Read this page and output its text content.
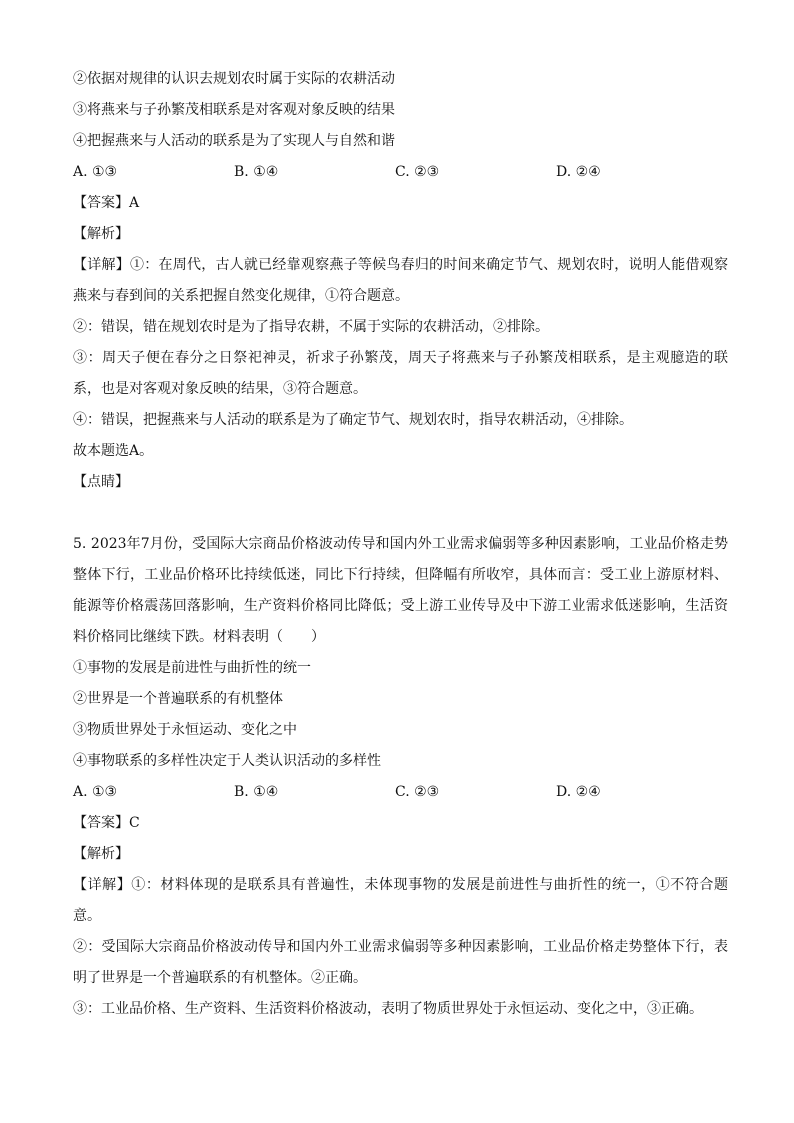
②依据对规律的认识去规划农时属于实际的农耕活动
③将燕来与子孙繁茂相联系是对客观对象反映的结果
④把握燕来与人活动的联系是为了实现人与自然和谐
A. ①③	B. ①④	C. ②③	D. ②④
【答案】A
【解析】
【详解】①：在周代，古人就已经靠观察燕子等候鸟春归的时间来确定节气、规划农时，说明人能借观察燕来与春到间的关系把握自然变化规律，①符合题意。
②：错误，错在规划农时是为了指导农耕，不属于实际的农耕活动，②排除。
③：周天子便在春分之日祭祀神灵，祈求子孙繁茂，周天子将燕来与子孙繁茂相联系，是主观臆造的联系，也是对客观对象反映的结果，③符合题意。
④：错误，把握燕来与人活动的联系是为了确定节气、规划农时，指导农耕活动，④排除。
故本题选A。
【点睛】
5. 2023年7月份，受国际大宗商品价格波动传导和国内外工业需求偏弱等多种因素影响，工业品价格走势整体下行，工业品价格环比持续低迷，同比下行持续，但降幅有所收窄，具体而言：受工业上游原材料、能源等价格震荡回落影响，生产资料价格同比降低；受上游工业传导及中下游工业需求低迷影响，生活资料价格同比继续下跌。材料表明（　　）
①事物的发展是前进性与曲折性的统一
②世界是一个普遍联系的有机整体
③物质世界处于永恒运动、变化之中
④事物联系的多样性决定于人类认识活动的多样性
A. ①③	B. ①④	C. ②③	D. ②④
【答案】C
【解析】
【详解】①：材料体现的是联系具有普遍性，未体现事物的发展是前进性与曲折性的统一，①不符合题意。
②：受国际大宗商品价格波动传导和国内外工业需求偏弱等多种因素影响，工业品价格走势整体下行，表明了世界是一个普遍联系的有机整体。②正确。
③：工业品价格、生产资料、生活资料价格波动，表明了物质世界处于永恒运动、变化之中，③正确。
